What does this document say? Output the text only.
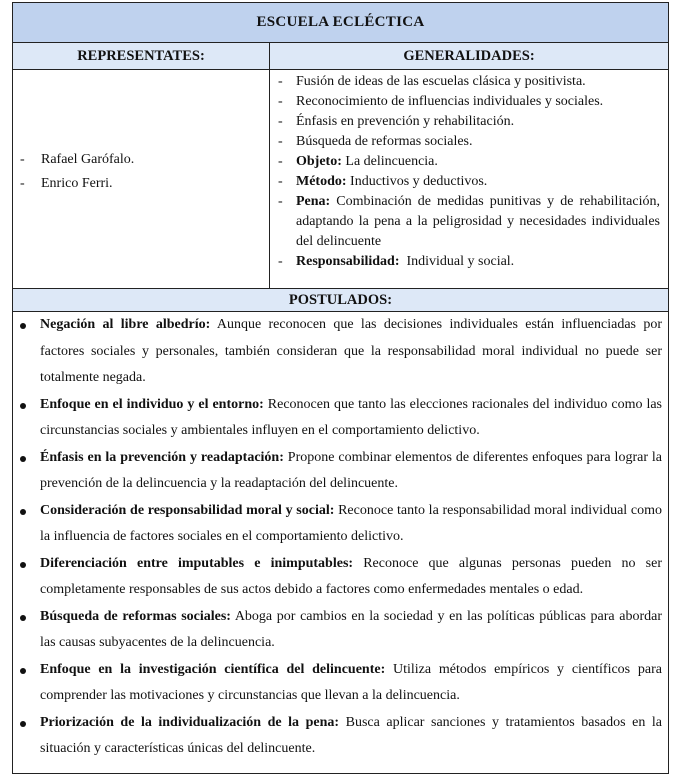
ESCUELA ECLÉCTICA
REPRESENTATES:	GENERALIDADES:
- Rafael Garófalo.
- Enrico Ferri.
- Fusión de ideas de las escuelas clásica y positivista.
- Reconocimiento de influencias individuales y sociales.
- Énfasis en prevención y rehabilitación.
- Búsqueda de reformas sociales.
- Objeto: La delincuencia.
- Método: Inductivos y deductivos.
- Pena: Combinación de medidas punitivas y de rehabilitación, adaptando la pena a la peligrosidad y necesidades individuales del delincuente
- Responsabilidad:  Individual y social.
POSTULADOS:
Negación al libre albedrío: Aunque reconocen que las decisiones individuales están influenciadas por factores sociales y personales, también consideran que la responsabilidad moral individual no puede ser totalmente negada.
Enfoque en el individuo y el entorno: Reconocen que tanto las elecciones racionales del individuo como las circunstancias sociales y ambientales influyen en el comportamiento delictivo.
Énfasis en la prevención y readaptación: Propone combinar elementos de diferentes enfoques para lograr la prevención de la delincuencia y la readaptación del delincuente.
Consideración de responsabilidad moral y social: Reconoce tanto la responsabilidad moral individual como la influencia de factores sociales en el comportamiento delictivo.
Diferenciación entre imputables e inimputables: Reconoce que algunas personas pueden no ser completamente responsables de sus actos debido a factores como enfermedades mentales o edad.
Búsqueda de reformas sociales: Aboga por cambios en la sociedad y en las políticas públicas para abordar las causas subyacentes de la delincuencia.
Enfoque en la investigación científica del delincuente: Utiliza métodos empíricos y científicos para comprender las motivaciones y circunstancias que llevan a la delincuencia.
Priorización de la individualización de la pena: Busca aplicar sanciones y tratamientos basados en la situación y características únicas del delincuente.
